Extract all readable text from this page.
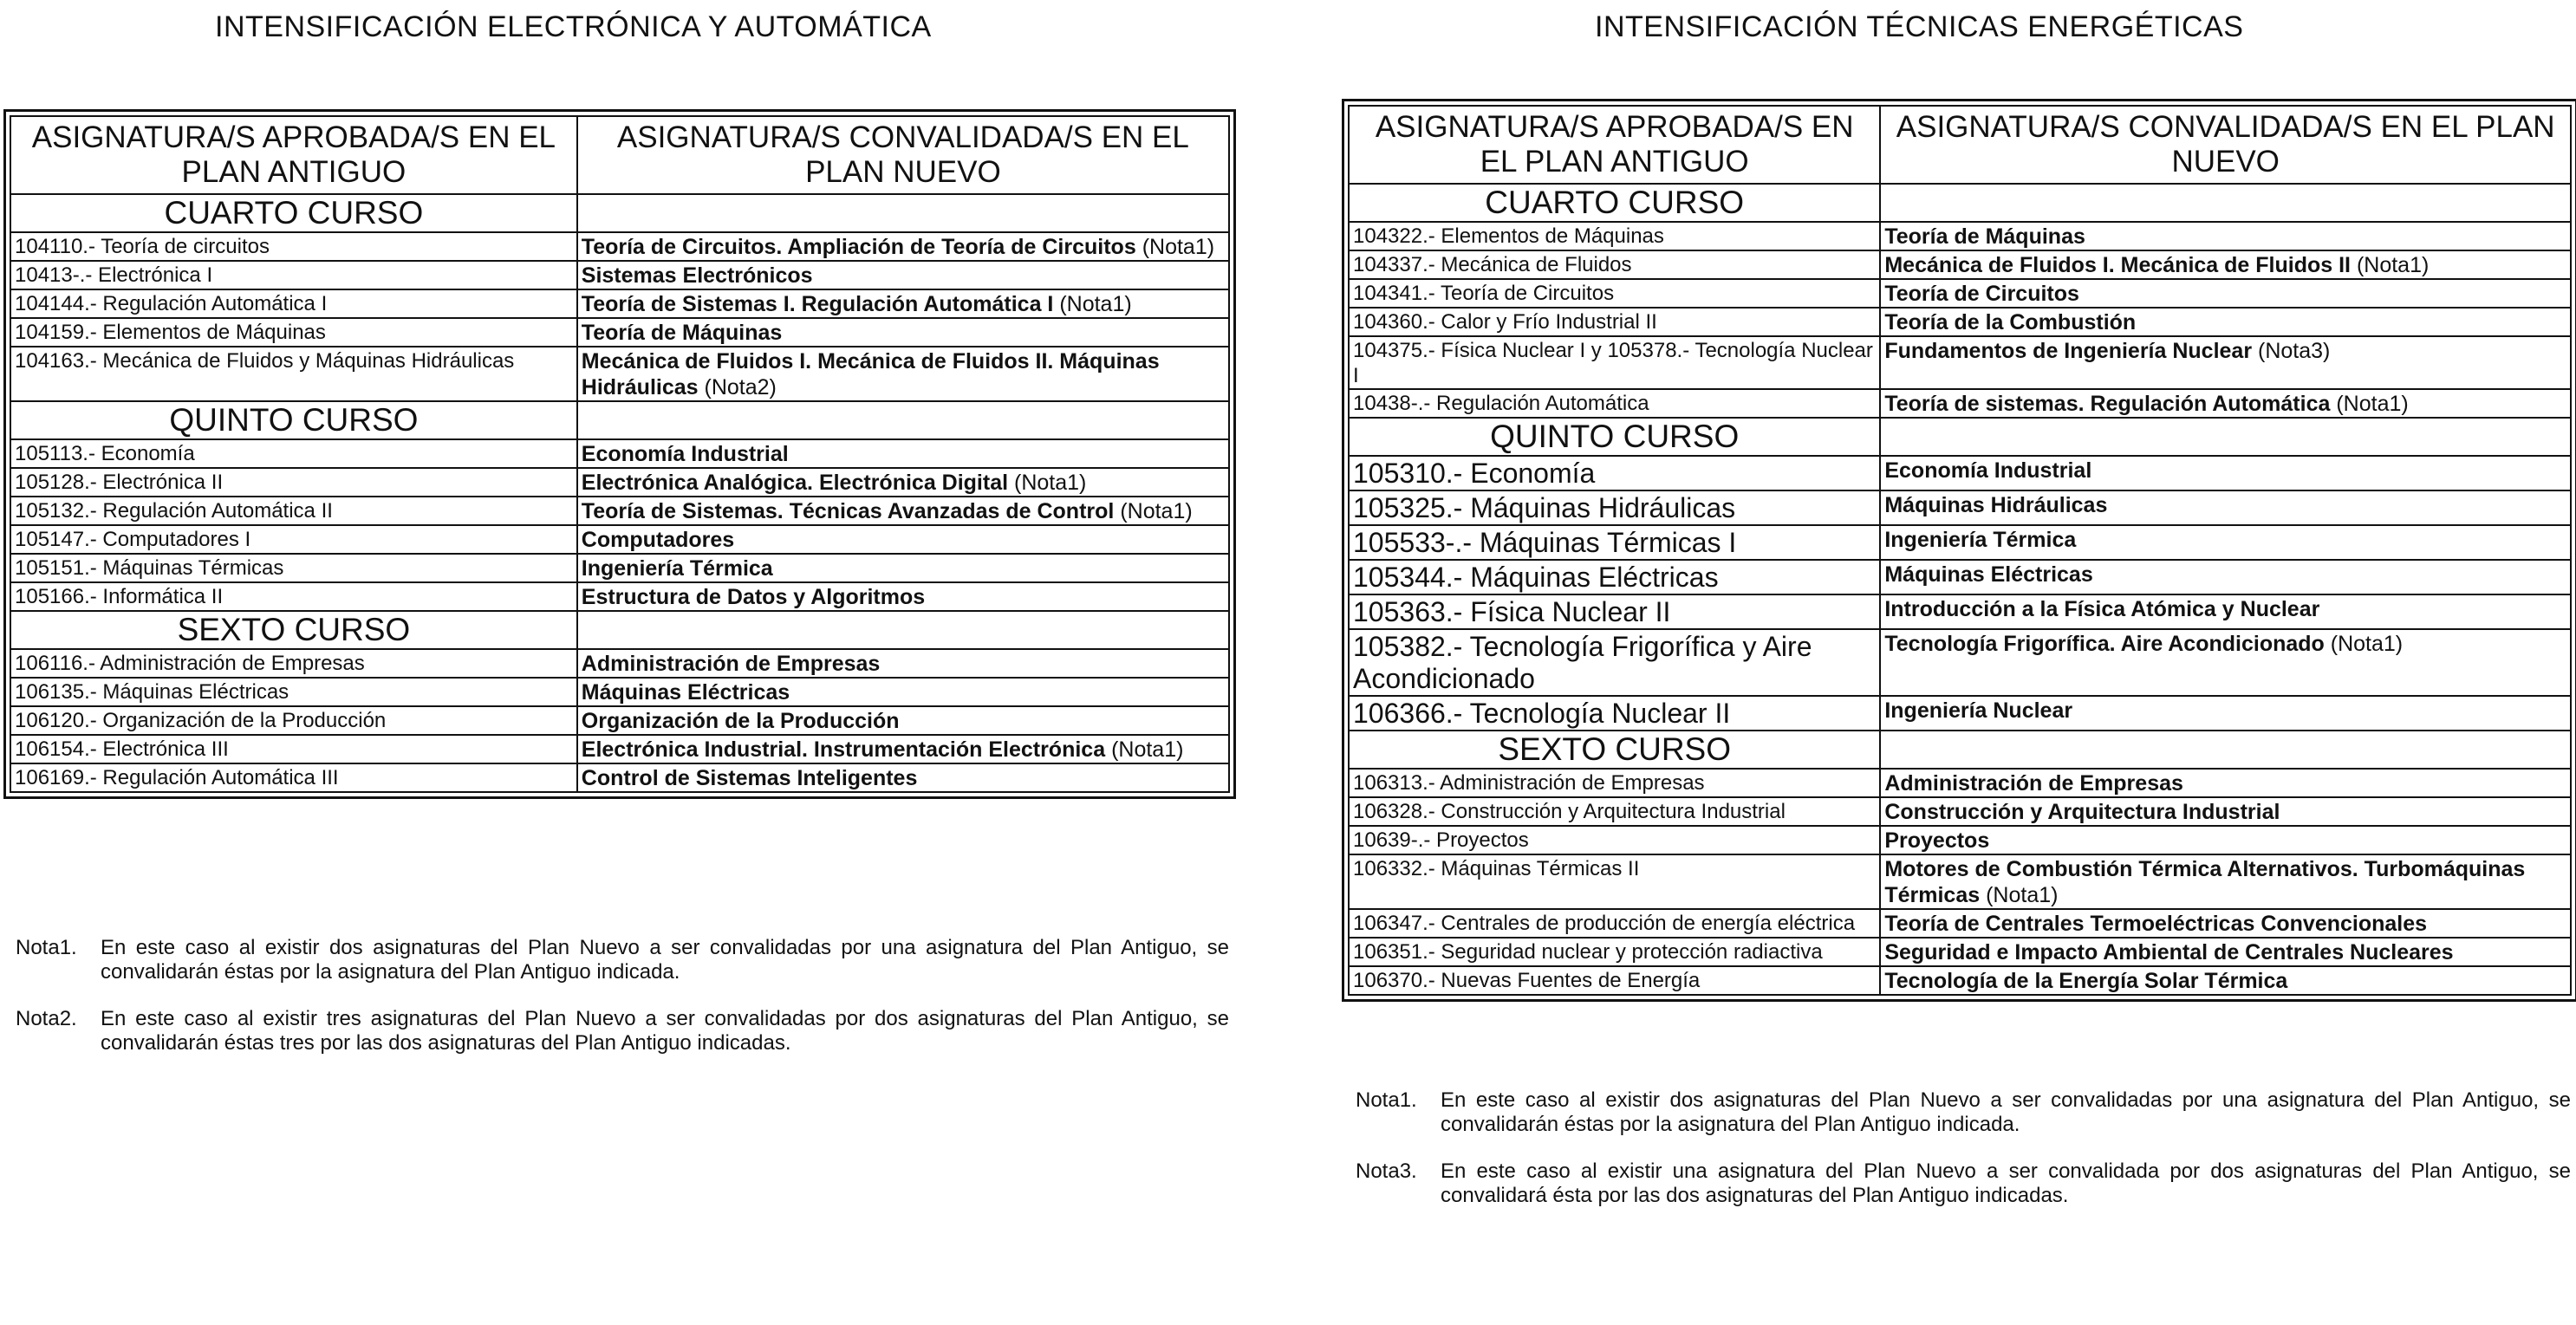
INTENSIFICACIÓN ELECTRÓNICA Y AUTOMÁTICA
ASIGNATURA/S APROBADA/S EN EL PLAN ANTIGUO	ASIGNATURA/S CONVALIDADA/S EN EL PLAN NUEVO
CUARTO CURSO	
104110.- Teoría de circuitos	Teoría de Circuitos. Ampliación de Teoría de Circuitos (Nota1)
10413-.- Electrónica I	Sistemas Electrónicos
104144.- Regulación Automática I	Teoría de Sistemas I. Regulación Automática I (Nota1)
104159.- Elementos de Máquinas	Teoría de Máquinas
104163.- Mecánica de Fluidos y Máquinas Hidráulicas	Mecánica de Fluidos I. Mecánica de Fluidos II. Máquinas Hidráulicas (Nota2)
QUINTO CURSO	
105113.- Economía	Economía Industrial
105128.- Electrónica II	Electrónica Analógica. Electrónica Digital (Nota1)
105132.- Regulación Automática II	Teoría de Sistemas. Técnicas Avanzadas de Control (Nota1)
105147.- Computadores I	Computadores
105151.- Máquinas Térmicas	Ingeniería Térmica
105166.- Informática II	Estructura de Datos y Algoritmos
SEXTO CURSO	
106116.- Administración de Empresas	Administración de Empresas
106135.- Máquinas Eléctricas	Máquinas Eléctricas
106120.- Organización de la Producción	Organización de la Producción
106154.- Electrónica III	Electrónica Industrial. Instrumentación Electrónica (Nota1)
106169.- Regulación Automática III	Control de Sistemas Inteligentes
Nota1.	En este caso al existir dos asignaturas del Plan Nuevo a ser convalidadas por una asignatura del Plan Antiguo, se convalidarán éstas por la asignatura del Plan Antiguo indicada.
Nota2.	En este caso al existir tres asignaturas del Plan Nuevo a ser convalidadas por dos asignaturas del Plan Antiguo, se convalidarán éstas tres por las dos asignaturas del Plan Antiguo indicadas.
INTENSIFICACIÓN TÉCNICAS ENERGÉTICAS
ASIGNATURA/S APROBADA/S EN EL PLAN ANTIGUO	ASIGNATURA/S CONVALIDADA/S EN EL PLAN NUEVO
CUARTO CURSO	
104322.- Elementos de Máquinas	Teoría de Máquinas
104337.- Mecánica de Fluidos	Mecánica de Fluidos I. Mecánica de Fluidos II (Nota1)
104341.- Teoría de Circuitos	Teoría de Circuitos
104360.- Calor y Frío Industrial II	Teoría de la Combustión
104375.- Física Nuclear I y 105378.- Tecnología Nuclear I	Fundamentos de Ingeniería Nuclear (Nota3)
10438-.- Regulación Automática	Teoría de sistemas. Regulación Automática (Nota1)
QUINTO CURSO	
105310.- Economía	Economía Industrial
105325.- Máquinas Hidráulicas	Máquinas Hidráulicas
105533-.- Máquinas Térmicas I	Ingeniería Térmica
105344.- Máquinas Eléctricas	Máquinas Eléctricas
105363.- Física Nuclear II	Introducción a la Física Atómica y Nuclear
105382.- Tecnología Frigorífica y Aire Acondicionado	Tecnología Frigorífica. Aire Acondicionado (Nota1)
106366.- Tecnología Nuclear II	Ingeniería Nuclear
SEXTO CURSO	
106313.- Administración de Empresas	Administración de Empresas
106328.- Construcción y Arquitectura Industrial	Construcción y Arquitectura Industrial
10639-.- Proyectos	Proyectos
106332.- Máquinas Térmicas II	Motores de Combustión Térmica Alternativos. Turbomáquinas Térmicas (Nota1)
106347.- Centrales de producción de energía eléctrica	Teoría de Centrales Termoeléctricas Convencionales
106351.- Seguridad nuclear y protección radiactiva	Seguridad e Impacto Ambiental de Centrales Nucleares
106370.- Nuevas Fuentes de Energía	Tecnología de la Energía Solar Térmica
Nota1.	En este caso al existir dos asignaturas del Plan Nuevo a ser convalidadas por una asignatura del Plan Antiguo, se convalidarán éstas por la asignatura del Plan Antiguo indicada.
Nota3.	En este caso al existir una asignatura del Plan Nuevo a ser convalidada por dos asignaturas del Plan Antiguo, se convalidará ésta por las dos asignaturas del Plan Antiguo indicadas.
